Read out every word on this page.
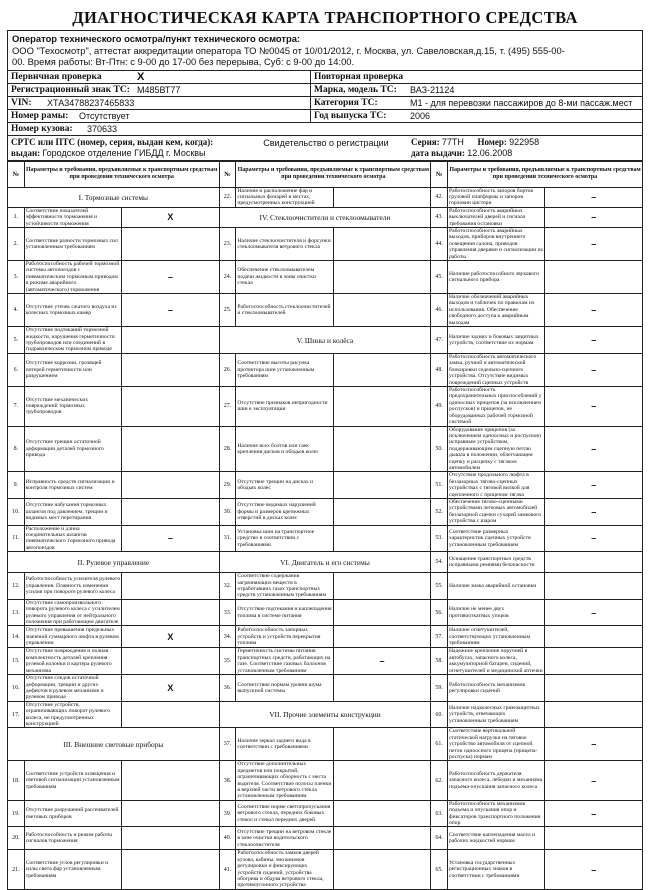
ДИАГНОСТИЧЕСКАЯ КАРТА ТРАНСПОРТНОГО СРЕДСТВА
Оператор технического осмотра/пункт технического осмотра:
ООО "Техосмотр", аттестат аккредитации оператора ТО №0045 от 10/01/2012, г. Москва, ул. Савеловская,д.15, т. (495) 555-00-
00. Время работы: Вт-Птн: с 9-00 до 17-00 без перерыва, Суб: с 9-00 до 14:00.
Первичная проверка	X	Повторная проверка
Регистрационный знак ТС: М485ВТ77	Марка, модель ТС:	ВАЗ-21124
VIN:	ХТА34788237465833	Категория ТС:	М1 - для перевозки пассажиров до 8-ми пассаж.мест
Номер рамы:	Отсутствует	Год выпуска ТС:	2006
Номер кузова:	370633
СРТС или ПТС (номер, серия, выдан кем, когда):
выдан: Городское отделение ГИБДД г. Москвы
Свидетельство о регистрации	Серия: 77ТН Номер: 922958
дата выдачи: 12.06.2008
№	Параметры и требования, предъявляемые к транспортным средствам при проведении технического осмотра		№	Параметры и требования, предъявляемые к транспортным средствам при проведении технического осмотра		№	Параметры и требования, предъявляемые к транспортным средствам при проведении технического осмотра	
I. Тормозные системы			22.	Наличие и расположение фар и сигнальных фонарей в местах, предусмотренных конструкцией		42.	Работоспособность запоров бортов грузовой платформы и запоров горловин цистерн	–
1.	Соответствие показателей эффективности торможения и устойчивости торможения	X	IV. Стеклоочистители и стеклоомыватели			43.	Работоспособность аварийных выключателей дверей и сигнала требования остановки	–
2.	Соответствие разности тормозных сил установленным требованиям		23.	Наличие стеклоочистителя и форсунки стеклоомывателя ветрового стекла		44.	Работоспособность аварийных выходов, приборов внутреннего освещения салона, приводов управления дверями и сигнализации их работы	–
3.	Работоспособность рабочей тормозной системы автопоездов с пневматическим тормозным приводом в режиме аварийного (автоматического) торможения	–	24.	Обеспечение стеклоомывателем подачи жидкости в зоны очистки стекла		45.	Наличие работоспособного звукового сигнального прибора	
4.	Отсутствие утечек сжатого воздуха из колесных тормозных камер	–	25.	Работоспособность стеклоочистителей и стеклоомывателей		46.	Наличие обозначений аварийных выходов и табличек по правилам их использования. Обеспечение свободного доступа к аварийным выходам	–
5.	Отсутствие подтеканий тормозной жидкости, нарушения герметичности трубопроводов или соединений в гидравлическом тормозном приводе		V. Шины и колёса			47.	Наличие задних и боковых защитных устройств, соответствие их нормам	–
6.	Отсутствие коррозии, грозящей потерей герметичности или разрушением		26.	Соответствие высоты рисунка протектора шин установленным требованиям		48.	Работоспособность автоматического замка, ручной и автоматической блокировки седельно-сцепного устройства. Отсутствие видимых повреждений сцепных устройств	–
7.	Отсутствие механических повреждений тормозных трубопроводов		27.	Отсутствие признаков непригодности шин к эксплуатации		49.	Работоспособность предохранительных приспособлений у одноосных прицепов (за исключением роспусков) и прицепов, не оборудованных рабочей тормозной системой	–
8.	Отсутствие трещин остаточной деформации деталей тормозного привода		28.	Наличие всех болтов или гаек крепления дисков и ободьев колес		50.	Оборудование прицепов (за исключением одноосных и роспусков) исправным устройством, поддерживающим сцепную петлю дышла в положении, облегчающем сцепку и расцепку с тягачом автомобилем	–
9.	Исправность средств сигнализации и контроля тормозных систем		29.	Отсутствие трещин на дисках и ободьях колес		51.	Отсутствие продольного люфта в беззазорных тягово-сцепных устройствах с тяговой вилкой для сцепленного с прицепом тягача	–
10.	Отсутствие набухания тормозных шлангов под давлением, трещин и видимых мест перетирания		30.	Отсутствие видимых нарушений формы и размеров крепежных отверстий в дисках колес		52.	Обеспечение тягово-сцепными устройствами легковых автомобилей беззазорной сцепки сухарей замкового устройства с шаром	–
11.	Расположение и длина соединительных шлангов пневматического тормозного привода автопоездов	–	31.	Установка шин на транспортное средство в соответствии с требованиями		53.	Соответствие размерных характеристик сцепных устройств установленным требованиям	–
II. Рулевое управление			VI. Двигатель и его системы			54.	Оснащение транспортных средств исправными ремнями безопасности	
12.	Работоспособность усилителя рулевого управления. Плавность изменения усилия при повороте рулевого колеса		32.	Соответствие содержания загрязняющих веществ в отработавших газах транспортных средств установленным требованиям		55.	Наличие знака аварийной остановки	
13.	Отсутствие самопроизвольного поворота рулевого колеса с усилителем рулевого управления от нейтрального положения при работающем двигателе		33.	Отсутствие подтекания и каплепадения топлива в системе питания		56.	Наличие не менее двух противооткатных упоров	–
14.	Отсутствие превышения предельных значений суммарного люфта в рулевом управлении	X	34.	Работоспособность запорных устройств и устройств перекрытия топлива		57.	Наличие огнетушителей, соответствующих установленным требованиям	
15.	Отсутствие повреждения и полная комплектность деталей крепления рулевой колонки и картера рулевого механизма		35.	Герметичность системы питания транспортных средств, работающих на газе. Соответствие газовых баллонов установленным требованиям	–	58.	Надежное крепление поручней в автобусах, запасного колеса, аккумуляторной батареи, сидений, огнетушителей и медицинской аптечки	
16.	Отсутствие следов остаточной деформации, трещин и других дефектов в рулевом механизме и рулевом приводе	X	36.	Соответствие нормам уровня шума выпускной системы		59.	Работоспособность механизмов регулировки сидений	
17.	Отсутствие устройств, ограничивающих поворот рулевого колеса, не предусмотренных конструкцией		VII. Прочие элементы конструкции			60.	Наличие надколесных грязезащитных устройств, отвечающих установленным требованиям	
III. Внешние световые приборы			37.	Наличие зеркал заднего вида в соответствии с требованиями		61.	Соответствие вертикальной статической нагрузки на тяговое устройство автомобиля от сцепной петли одноосного прицепа (прицепа-роспуска) нормам	–
18.	Соответствие устройств освещения и световой сигнализации установленным требованиям		38.	Отсутствие дополнительных предметов или покрытий, ограничивающих обзорность с места водителя. Соответствие полосы пленки в верхней части ветрового стекла установленным требованиям		62.	Работоспособность держателя запасного колеса, лебедки и механизма подъема-опускания запасного колеса	–
19.	Отсутствие разрушений рассеивателей световых приборов		39.	Соответствие норме светопропускания ветрового стекла, передних боковых стекол и стекол передних дверей		63.	Работоспособность механизмов подъема и опускания опор и фиксаторов транспортного положения опор	–
20.	Работоспособность и режим работы сигналов торможения		40.	Отсутствие трещин на ветровом стекле в зоне очистки водительского стеклоочистителя		64.	Соответствие каплепадения масел и рабочих жидкостей нормам	
21.	Соответствие углов регулировки и силы света фар установленным требованиям		41.	Работоспособность замков дверей кузова, кабины, механизмов регулировки и фиксирующих устройств сидений, устройства обогрева и обдува ветрового стекла, противоугонного устройства		65.	Установка государственных регистрационных знаков в соответствии с требованиями	–
